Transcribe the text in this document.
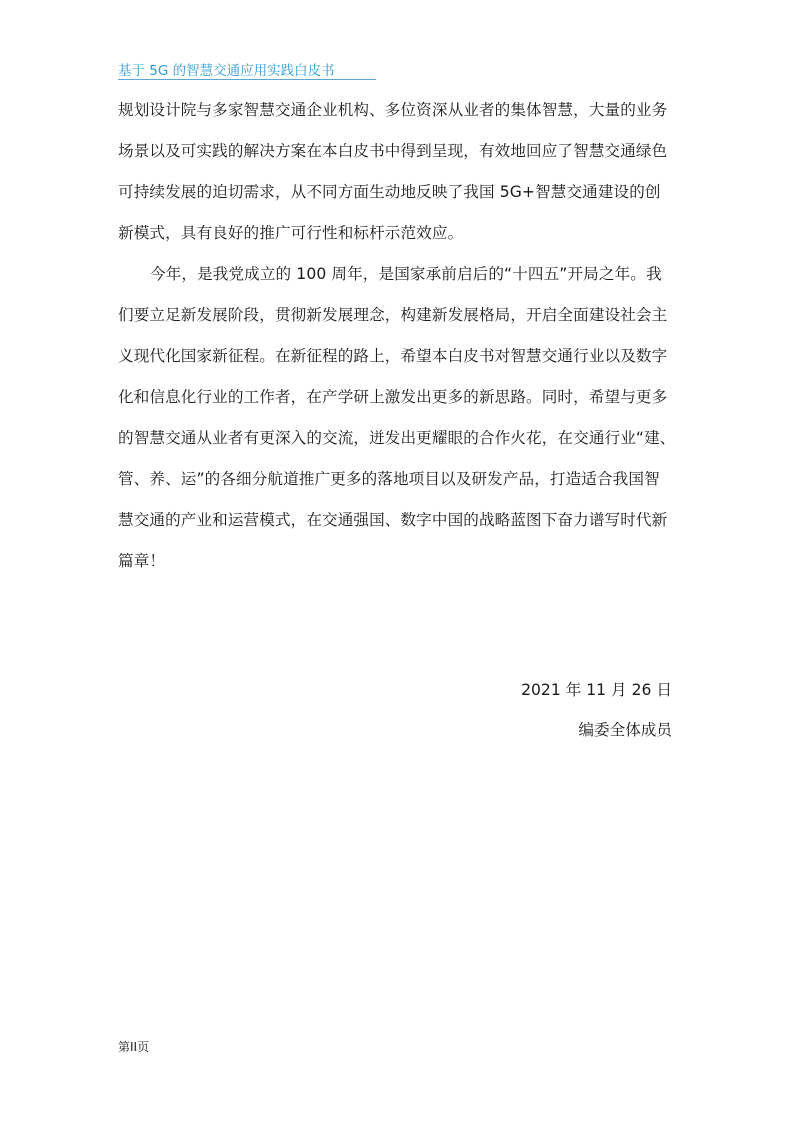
基于 5G 的智慧交通应用实践白皮书
规划设计院与多家智慧交通企业机构、多位资深从业者的集体智慧，大量的业务
场景以及可实践的解决方案在本白皮书中得到呈现，有效地回应了智慧交通绿色
可持续发展的迫切需求，从不同方面生动地反映了我国 5G+智慧交通建设的创
新模式，具有良好的推广可行性和标杆示范效应。
今年，是我党成立的 100 周年，是国家承前启后的“十四五”开局之年。我
们要立足新发展阶段，贯彻新发展理念，构建新发展格局，开启全面建设社会主
义现代化国家新征程。在新征程的路上，希望本白皮书对智慧交通行业以及数字
化和信息化行业的工作者，在产学研上激发出更多的新思路。同时，希望与更多
的智慧交通从业者有更深入的交流，迸发出更耀眼的合作火花，在交通行业“建、
管、养、运”的各细分航道推广更多的落地项目以及研发产品，打造适合我国智
慧交通的产业和运营模式，在交通强国、数字中国的战略蓝图下奋力谱写时代新
篇章！
2021 年 11 月 26 日
编委全体成员
第II页
